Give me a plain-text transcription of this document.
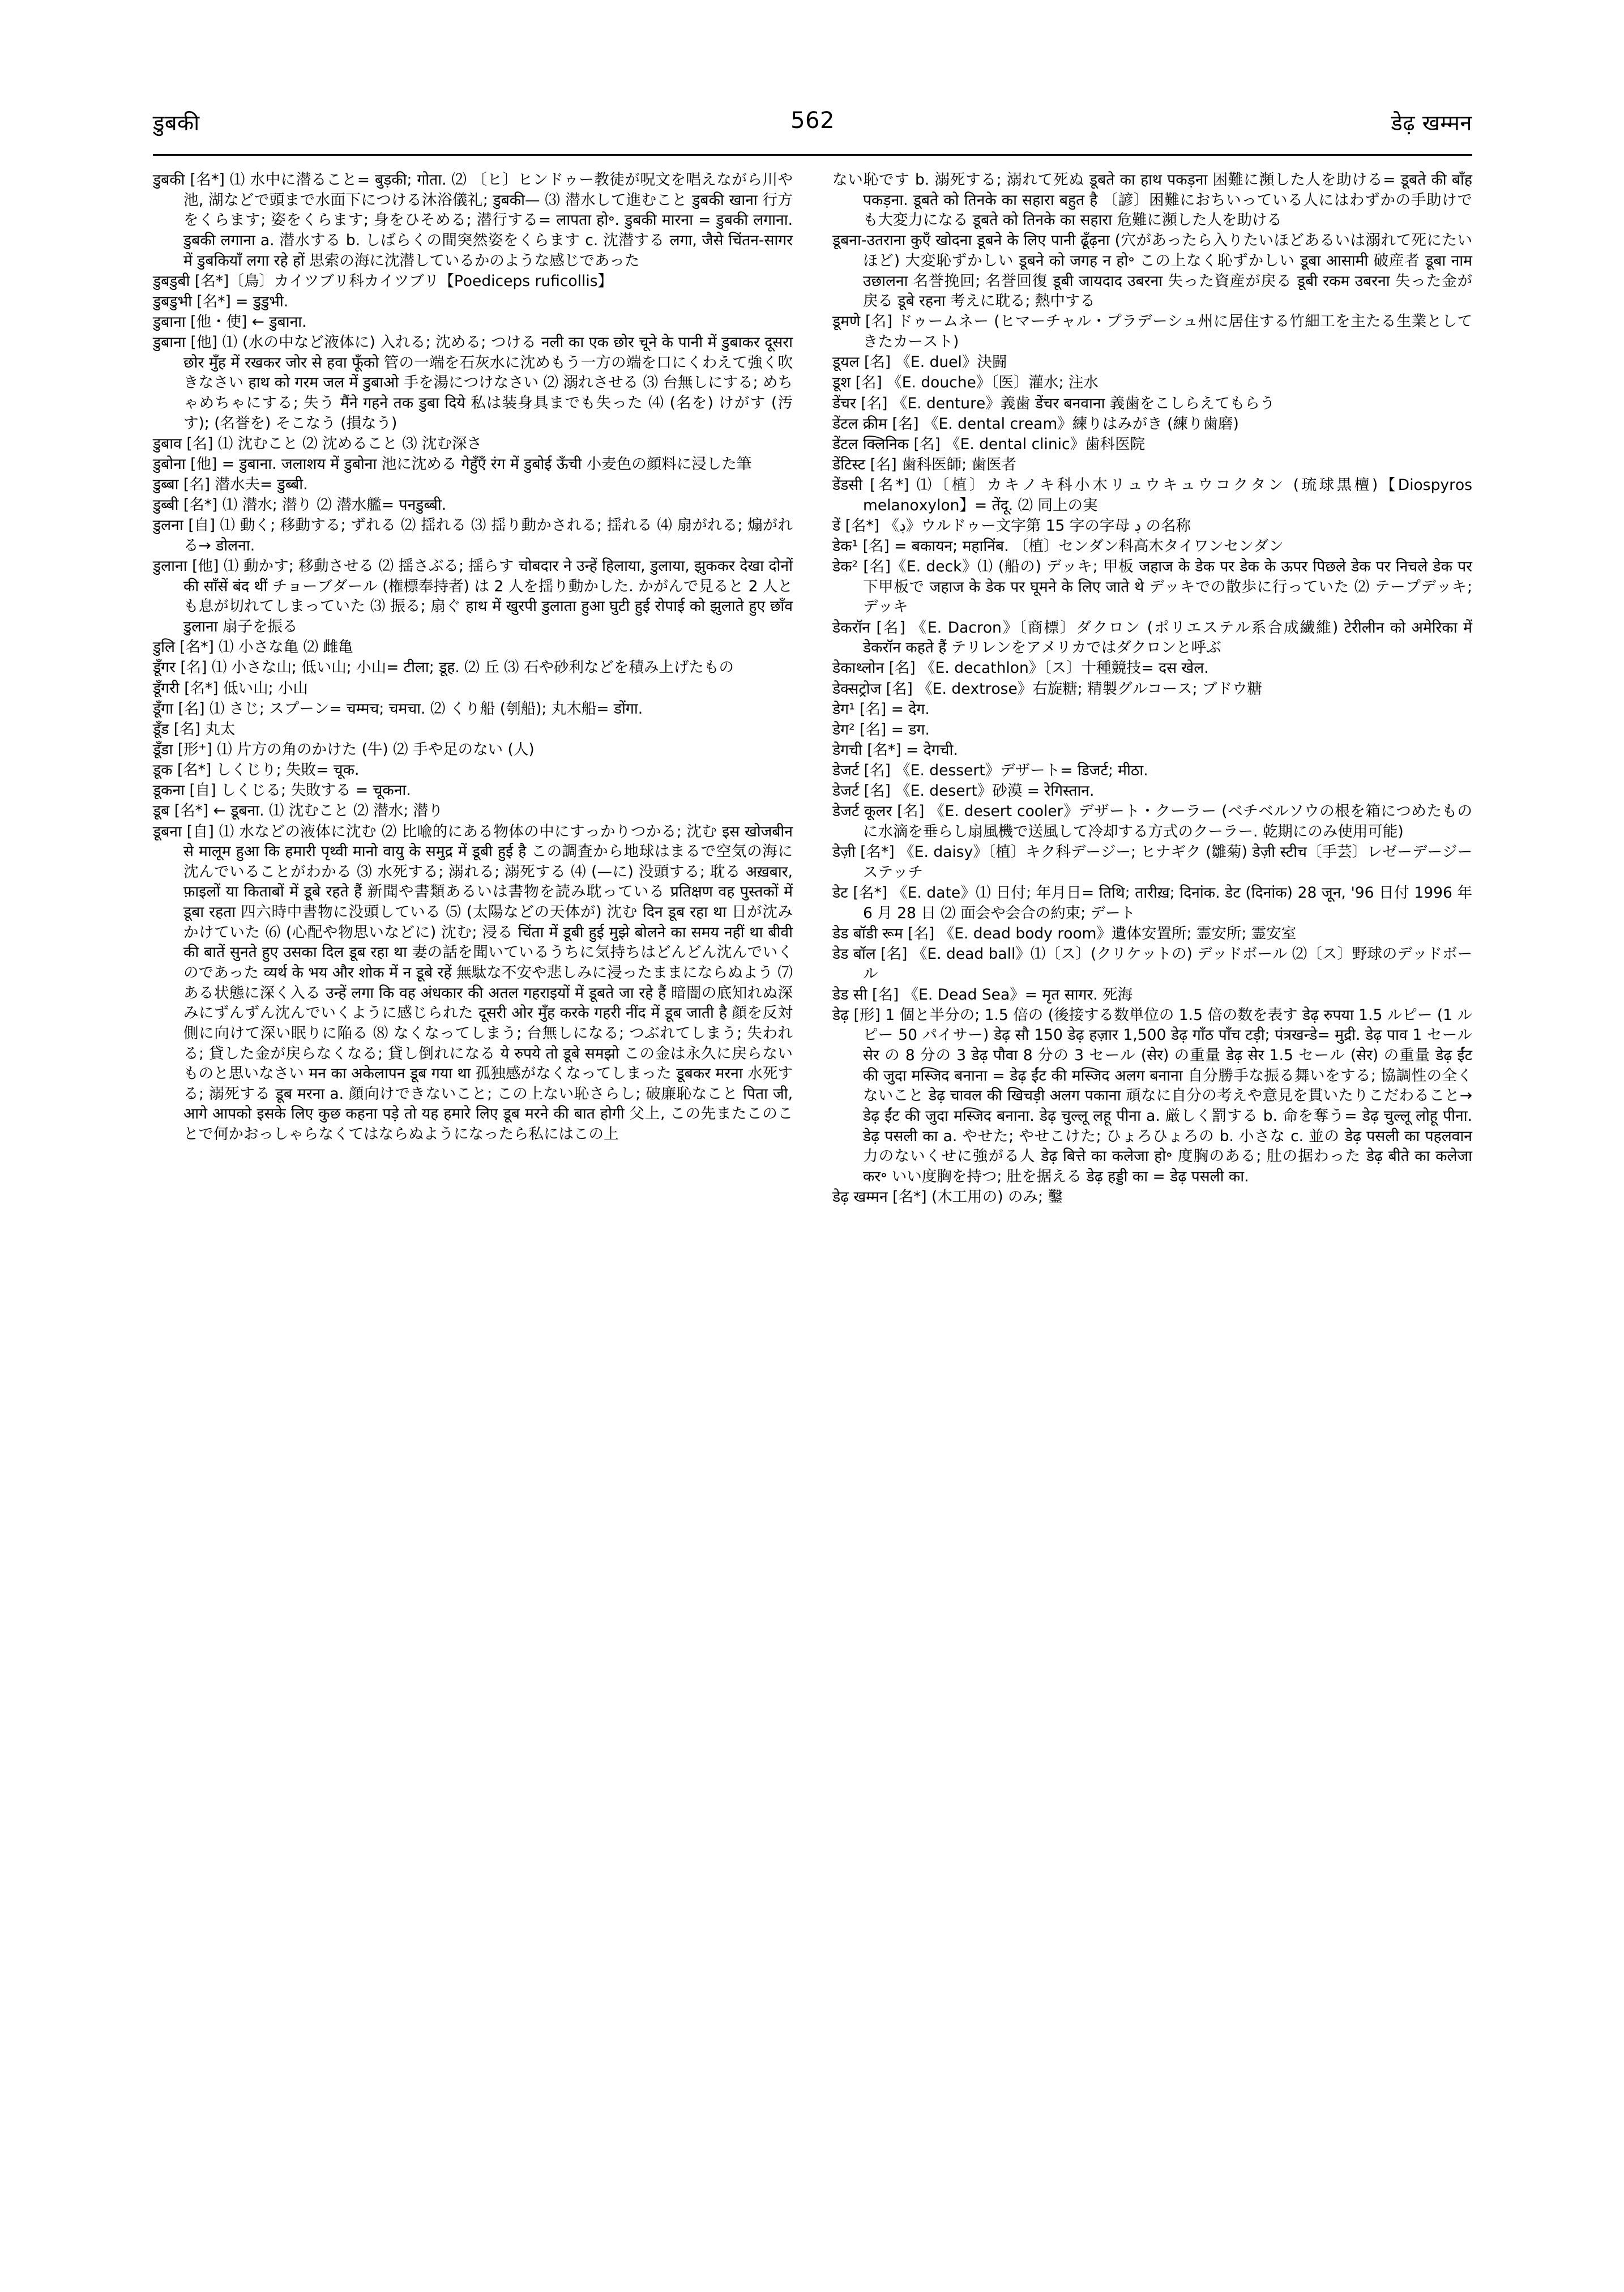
डुबकी	562	डेढ़ खम्मन

डुबकी [名*] ⑴ 水中に潜ること= बुड़की; गोता. ⑵ 〔ヒ〕ヒンドゥー教徒が呪文を唱えながら川や池, 湖などで頭まで水面下につける沐浴儀礼; डुबकी— ⑶ 潜水して進むこと डुबकी खाना 行方をくらます; 姿をくらます; 身をひそめる; 潜行する= लापता हो॰. डुबकी मारना = डुबकी लगाना. डुबकी लगाना a. 潜水する b. しばらくの間突然姿をくらます c. 沈潜する लगा, जैसे चिंतन-सागर में डुबकियाँ लगा रहे हों 思索の海に沈潜しているかのような感じであった

डुबडुबी [名*]〔鳥〕カイツブリ科カイツブリ【Poediceps ruficollis】

डुबडुभी [名*] = डुडुभी.

डुबाना [他・使] ← डुबाना.

डुबाना [他] ⑴ (水の中など液体に) 入れる; 沈める; つける नली का एक छोर चूने के पानी में डुबाकर दूसरा छोर मुँह में रखकर जोर से हवा फूँको 管の一端を石灰水に沈めもう一方の端を口にくわえて強く吹きなさい हाथ को गरम जल में डुबाओ 手を湯につけなさい ⑵ 溺れさせる ⑶ 台無しにする; めちゃめちゃにする; 失う मैंने गहने तक डुबा दिये 私は装身具までも失った ⑷ (名を) けがす (汚す); (名誉を) そこなう (損なう)

डुबाव [名] ⑴ 沈むこと ⑵ 沈めること ⑶ 沈む深さ

डुबोना [他] = डुबाना. जलाशय में डुबोना 池に沈める गेहुँएँ रंग में डुबोई ऊँची 小麦色の顔料に浸した筆

डुब्बा [名] 潜水夫= डुब्बी.

डुब्बी [名*] ⑴ 潜水; 潜り ⑵ 潜水艦= पनडुब्बी.

डुलना [自] ⑴ 動く; 移動する; ずれる ⑵ 揺れる ⑶ 揺り動かされる; 揺れる ⑷ 扇がれる; 煽がれる→ डोलना.

डुलाना [他] ⑴ 動かす; 移動させる ⑵ 揺さぶる; 揺らす चोबदार ने उन्हें हिलाया, डुलाया, झुककर देखा दोनों की साँसें बंद थीं チョーブダール (権標奉持者) は 2 人を揺り動かした. かがんで見ると 2 人とも息が切れてしまっていた ⑶ 振る; 扇ぐ हाथ में खुरपी डुलाता हुआ घुटी हुई रोपाई को झुलाते हुए छाँव डुलाना 扇子を振る

डुलि [名*] ⑴ 小さな亀 ⑵ 雌亀

डूँगर [名] ⑴ 小さな山; 低い山; 小山= टीला; डूह. ⑵ 丘 ⑶ 石や砂利などを積み上げたもの

डूँगरी [名*] 低い山; 小山

डूँगा [名] ⑴ さじ; スプーン= चम्मच; चमचा. ⑵ くり船 (刳船); 丸木船= डोंगा.

डूँड [名] 丸太

डूँडा [形⁺] ⑴ 片方の角のかけた (牛) ⑵ 手や足のない (人)

डूक [名*] しくじり; 失敗= चूक.

डूकना [自] しくじる; 失敗する = चूकना.

डूब [名*] ← डूबना. ⑴ 沈むこと ⑵ 潜水; 潜り

डूबना [自] ⑴ 水などの液体に沈む ⑵ 比喩的にある物体の中にすっかりつかる; 沈む इस खोजबीन से मालूम हुआ कि हमारी पृथ्वी मानो वायु के समुद्र में डूबी हुई है この調査から地球はまるで空気の海に沈んでいることがわかる ⑶ 水死する; 溺れる; 溺死する ⑷ (—に) 没頭する; 耽る अख़बार, फ़ाइलों या किताबों में डूबे रहते हैं 新聞や書類あるいは書物を読み耽っている प्रतिक्षण वह पुस्तकों में डूबा रहता 四六時中書物に没頭している ⑸ (太陽などの天体が) 沈む दिन डूब रहा था 日が沈みかけていた ⑹ (心配や物思いなどに) 沈む; 浸る चिंता में डूबी हुई मुझे बोलने का समय नहीं था बीवी की बातें सुनते हुए उसका दिल डूब रहा था 妻の話を聞いているうちに気持ちはどんどん沈んでいくのであった व्यर्थ के भय और शोक में न डूबे रहें 無駄な不安や悲しみに浸ったままにならぬよう ⑺ ある状態に深く入る उन्हें लगा कि वह अंधकार की अतल गहराइयों में डूबते जा रहे हैं 暗闇の底知れぬ深みにずんずん沈んでいくように感じられた दूसरी ओर मुँह करके गहरी नींद में डूब जाती है 顔を反対側に向けて深い眠りに陥る ⑻ なくなってしまう; 台無しになる; つぶれてしまう; 失われる; 貸した金が戻らなくなる; 貸し倒れになる ये रुपये तो डूबे समझो この金は永久に戻らないものと思いなさい मन का अकेलापन डूब गया था 孤独感がなくなってしまった डूबकर मरना 水死する; 溺死する डूब मरना a. 顔向けできないこと; この上ない恥さらし; 破廉恥なこと पिता जी, आगे आपको इसके लिए कुछ कहना पड़े तो यह हमारे लिए डूब मरने की बात होगी 父上, この先またこのことで何かおっしゃらなくてはならぬようになったら私にはこの上

ない恥です b. 溺死する; 溺れて死ぬ डूबते का हाथ पकड़ना 困難に瀕した人を助ける= डूबते की बाँह पकड़ना. डूबते को तिनके का सहारा बहुत है 〔諺〕困難におちいっている人にはわずかの手助けでも大変力になる डूबते को तिनके का सहारा 危難に瀕した人を助ける

डूबना-उतराना कुएँ खोदना डूबने के लिए पानी ढूँढ़ना (穴があったら入りたいほどあるいは溺れて死にたいほど) 大変恥ずかしい डूबने को जगह न हो॰ この上なく恥ずかしい डूबा आसामी 破産者 डूबा नाम उछालना 名誉挽回; 名誉回復 डूबी जायदाद उबरना 失った資産が戻る डूबी रकम उबरना 失った金が戻る डूबे रहना 考えに耽る; 熱中する

डूमणे [名] ドゥームネー (ヒマーチャル・プラデーシュ州に居住する竹細工を主たる生業としてきたカースト)

डूयल [名] 《E. duel》決闘

डूश [名] 《E. douche》〔医〕灌水; 注水

डेंचर [名] 《E. denture》義歯 डेंचर बनवाना 義歯をこしらえてもらう

डेंटल क्रीम [名] 《E. dental cream》練りはみがき (練り歯磨)

डेंटल क्लिनिक [名] 《E. dental clinic》歯科医院

डेंटिस्ट [名] 歯科医師; 歯医者

डेंडसी [名*] ⑴〔植〕カキノキ科小木リュウキュウコクタン (琉球黒檀)【Diospyros melanoxylon】= तेंदू. ⑵ 同上の実

डें [名*] 《ڊ》ウルドゥー文字第 15 字の字母 ڊ の名称

डेक¹ [名] = बकायन; महानिंब. 〔植〕センダン科高木タイワンセンダン

डेक² [名]《E. deck》⑴ (船の) デッキ; 甲板 जहाज के डेक पर डेक के ऊपर पिछले डेक पर निचले डेक पर 下甲板で जहाज के डेक पर घूमने के लिए जाते थे デッキでの散歩に行っていた ⑵ テープデッキ; デッキ

डेकरॉन [名] 《E. Dacron》〔商標〕ダクロン (ポリエステル系合成繊維) टेरीलीन को अमेरिका में डेकरॉन कहते हैं テリレンをアメリカではダクロンと呼ぶ

डेकाथ्लोन [名] 《E. decathlon》〔ス〕十種競技= दस खेल.

डेक्सट्रोज [名] 《E. dextrose》右旋糖; 精製グルコース; ブドウ糖

डेग¹ [名] = देग.

डेग² [名] = डग.

डेगची [名*] = देगची.

डेजर्ट [名] 《E. dessert》デザート= डिजर्ट; मीठा.

डेजर्ट [名] 《E. desert》砂漠 = रेगिस्तान.

डेजर्ट कूलर [名] 《E. desert cooler》デザート・クーラー (ベチベルソウの根を箱につめたものに水滴を垂らし扇風機で送風して冷却する方式のクーラー. 乾期にのみ使用可能)

डेज़ी [名*] 《E. daisy》〔植〕キク科デージー; ヒナギク (雛菊) डेज़ी स्टीच〔手芸〕レゼーデージーステッチ

डेट [名*] 《E. date》⑴ 日付; 年月日= तिथि; तारीख़; दिनांक. डेट (दिनांक) 28 जून, '96 日付 1996 年 6 月 28 日 ⑵ 面会や会合の約束; デート

डेड बॉडी रूम [名] 《E. dead body room》遺体安置所; 霊安所; 霊安室

डेड बॉल [名] 《E. dead ball》⑴〔ス〕(クリケットの) デッドボール ⑵〔ス〕野球のデッドボール

डेड सी [名] 《E. Dead Sea》= मृत सागर. 死海

डेढ़ [形] 1 個と半分の; 1.5 倍の (後接する数単位の 1.5 倍の数を表す डेढ़ रुपया 1.5 ルピー (1 ルピー 50 パイサー) डेढ़ सौ 150 डेढ़ हज़ार 1,500 डेढ़ गाँठ पाँच टड़ी; पंत्रखन्डे= मुद्री. डेढ़ पाव 1 セール सेर の 8 分の 3 डेढ़ पौवा 8 分の 3 セール (सेर) の重量 डेढ़ सेर 1.5 セール (सेर) の重量 डेढ़ ईंट की जुदा मस्जिद बनाना = डेढ़ ईंट की मस्जिद अलग बनाना 自分勝手な振る舞いをする; 協調性の全くないこと डेढ़ चावल की खिचड़ी अलग पकाना 頑なに自分の考えや意見を貫いたりこだわること→ डेढ़ ईंट की जुदा मस्जिद बनाना. डेढ़ चुल्लू लहू पीना a. 厳しく罰する b. 命を奪う= डेढ़ चुल्लू लोहू पीना. डेढ़ पसली का a. やせた; やせこけた; ひょろひょろの b. 小さな c. 並の डेढ़ पसली का पहलवान 力のないくせに強がる人 डेढ़ बित्ते का कलेजा हो॰ 度胸のある; 肚の据わった डेढ़ बीते का कलेजा कर॰ いい度胸を持つ; 肚を据える डेढ़ हड्डी का = डेढ़ पसली का.

डेढ़ खम्मन [名*] (木工用の) のみ; 鑿
